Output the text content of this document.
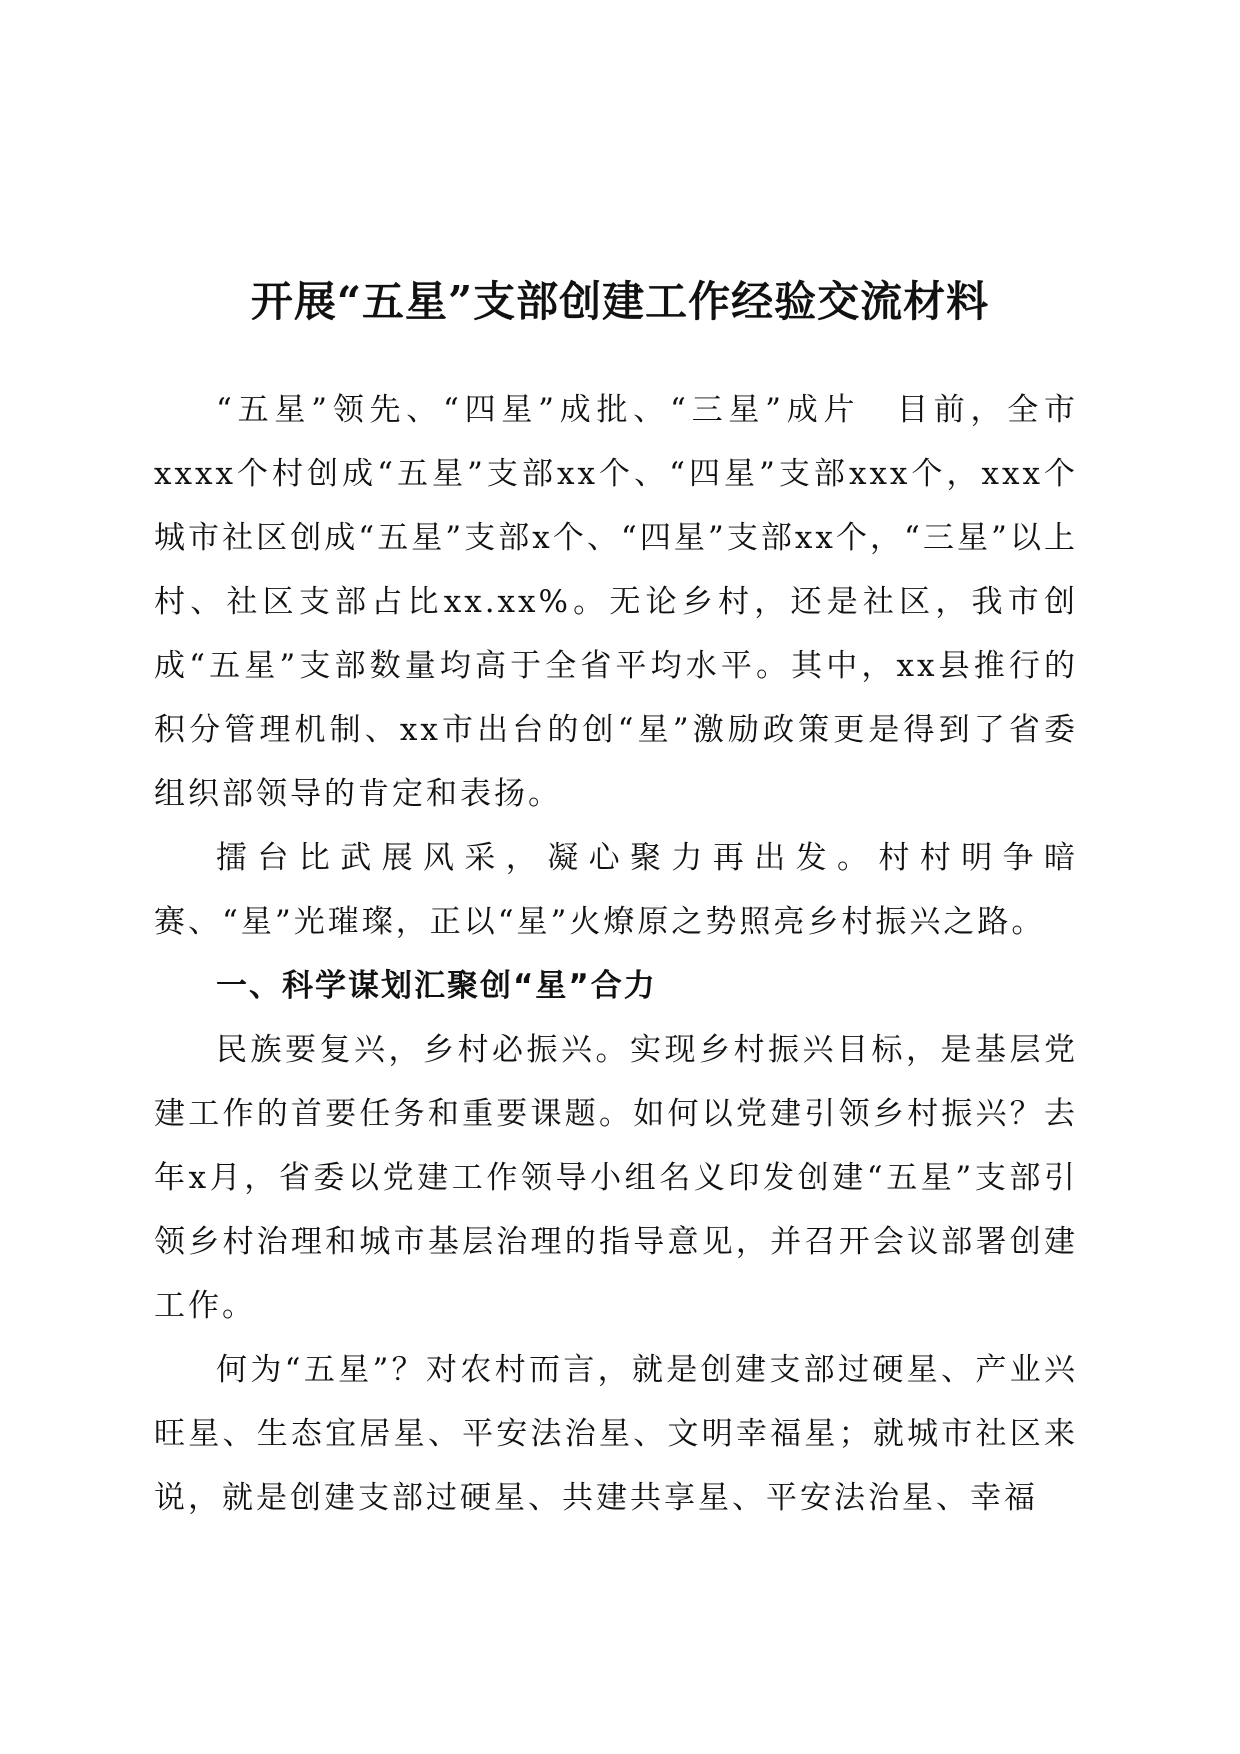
开展“五星”支部创建工作经验交流材料

“五星”领先、“四星”成批、“三星”成片　目前，全市xxxx个村创成“五星”支部xx个、“四星”支部xxx个，xxx个城市社区创成“五星”支部x个、“四星”支部xx个，“三星”以上村、社区支部占比xx.xx%。无论乡村，还是社区，我市创成“五星”支部数量均高于全省平均水平。其中，xx县推行的积分管理机制、xx市出台的创“星”激励政策更是得到了省委组织部领导的肯定和表扬。

擂台比武展风采，凝心聚力再出发。村村明争暗赛、“星”光璀璨，正以“星”火燎原之势照亮乡村振兴之路。

一、科学谋划汇聚创“星”合力

民族要复兴，乡村必振兴。实现乡村振兴目标，是基层党建工作的首要任务和重要课题。如何以党建引领乡村振兴？去年x月，省委以党建工作领导小组名义印发创建“五星”支部引领乡村治理和城市基层治理的指导意见，并召开会议部署创建工作。

何为“五星”？对农村而言，就是创建支部过硬星、产业兴旺星、生态宜居星、平安法治星、文明幸福星；就城市社区来说，就是创建支部过硬星、共建共享星、平安法治星、幸福
